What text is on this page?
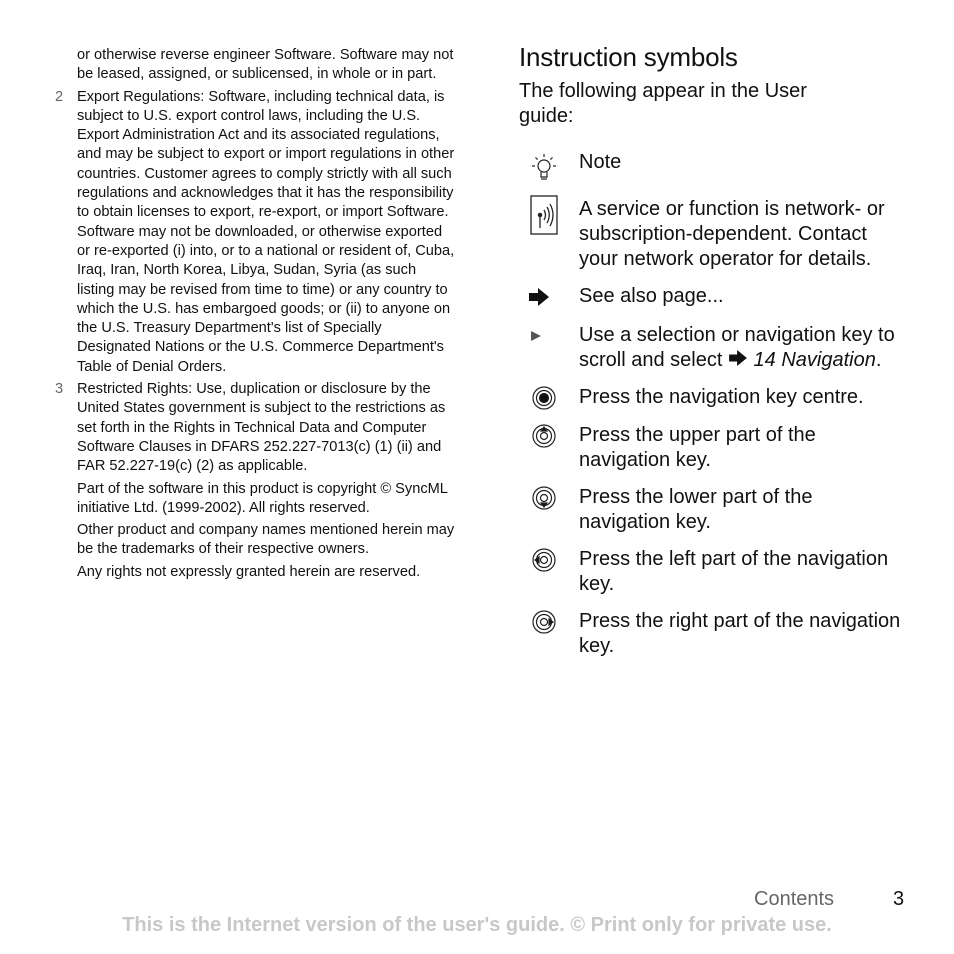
or otherwise reverse engineer Software. Software may not be leased, assigned, or sublicensed, in whole or in part.
2 Export Regulations: Software, including technical data, is subject to U.S. export control laws, including the U.S. Export Administration Act and its associated regulations, and may be subject to export or import regulations in other countries. Customer agrees to comply strictly with all such regulations and acknowledges that it has the responsibility to obtain licenses to export, re-export, or import Software. Software may not be downloaded, or otherwise exported or re-exported (i) into, or to a national or resident of, Cuba, Iraq, Iran, North Korea, Libya, Sudan, Syria (as such listing may be revised from time to time) or any country to which the U.S. has embargoed goods; or (ii) to anyone on the U.S. Treasury Department's list of Specially Designated Nations or the U.S. Commerce Department's Table of Denial Orders.
3 Restricted Rights: Use, duplication or disclosure by the United States government is subject to the restrictions as set forth in the Rights in Technical Data and Computer Software Clauses in DFARS 252.227-7013(c) (1) (ii) and FAR 52.227-19(c) (2) as applicable.
Part of the software in this product is copyright © SyncML initiative Ltd. (1999-2002). All rights reserved.
Other product and company names mentioned herein may be the trademarks of their respective owners.
Any rights not expressly granted herein are reserved.
Instruction symbols
The following appear in the User guide:
Note
A service or function is network- or subscription-dependent. Contact your network operator for details.
See also page...
Use a selection or navigation key to scroll and select 14 Navigation.
Press the navigation key centre.
Press the upper part of the navigation key.
Press the lower part of the navigation key.
Press the left part of the navigation key.
Press the right part of the navigation key.
Contents	3
This is the Internet version of the user's guide. © Print only for private use.
